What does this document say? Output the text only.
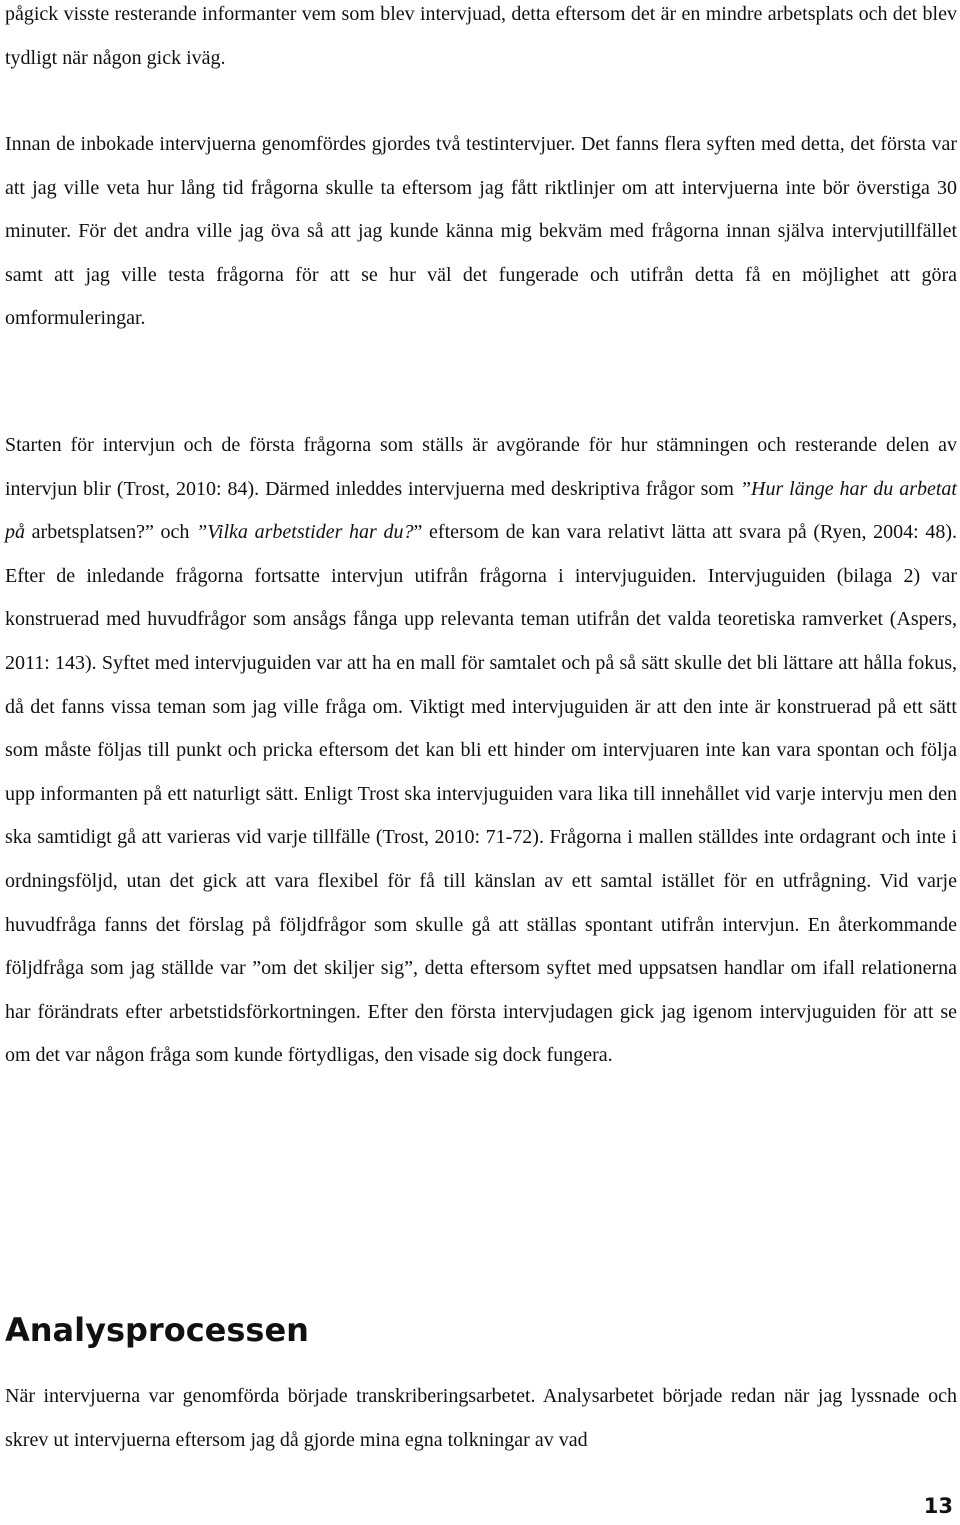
pågick visste resterande informanter vem som blev intervjuad, detta eftersom det är en mindre arbetsplats och det blev tydligt när någon gick iväg.

Innan de inbokade intervjuerna genomfördes gjordes två testintervjuer. Det fanns flera syften med detta, det första var att jag ville veta hur lång tid frågorna skulle ta eftersom jag fått riktlinjer om att intervjuerna inte bör överstiga 30 minuter. För det andra ville jag öva så att jag kunde känna mig bekväm med frågorna innan själva intervjutillfället samt att jag ville testa frågorna för att se hur väl det fungerade och utifrån detta få en möjlighet att göra omformuleringar.

Starten för intervjun och de första frågorna som ställs är avgörande för hur stämningen och resterande delen av intervjun blir (Trost, 2010: 84). Därmed inleddes intervjuerna med deskriptiva frågor som ”Hur länge har du arbetat på arbetsplatsen?” och ”Vilka arbetstider har du?” eftersom de kan vara relativt lätta att svara på (Ryen, 2004: 48). Efter de inledande frågorna fortsatte intervjun utifrån frågorna i intervjuguiden. Intervjuguiden (bilaga 2) var konstruerad med huvudfrågor som ansågs fånga upp relevanta teman utifrån det valda teoretiska ramverket (Aspers, 2011: 143). Syftet med intervjuguiden var att ha en mall för samtalet och på så sätt skulle det bli lättare att hålla fokus, då det fanns vissa teman som jag ville fråga om. Viktigt med intervjuguiden är att den inte är konstruerad på ett sätt som måste följas till punkt och pricka eftersom det kan bli ett hinder om intervjuaren inte kan vara spontan och följa upp informanten på ett naturligt sätt. Enligt Trost ska intervjuguiden vara lika till innehållet vid varje intervju men den ska samtidigt gå att varieras vid varje tillfälle (Trost, 2010: 71-72). Frågorna i mallen ställdes inte ordagrant och inte i ordningsföljd, utan det gick att vara flexibel för få till känslan av ett samtal istället för en utfrågning. Vid varje huvudfråga fanns det förslag på följdfrågor som skulle gå att ställas spontant utifrån intervjun. En återkommande följdfråga som jag ställde var ”om det skiljer sig”, detta eftersom syftet med uppsatsen handlar om ifall relationerna har förändrats efter arbetstidsförkortningen. Efter den första intervjudagen gick jag igenom intervjuguiden för att se om det var någon fråga som kunde förtydligas, den visade sig dock fungera.

Analysprocessen

När intervjuerna var genomförda började transkriberingsarbetet. Analysarbetet började redan när jag lyssnade och skrev ut intervjuerna eftersom jag då gjorde mina egna tolkningar av vad

13
